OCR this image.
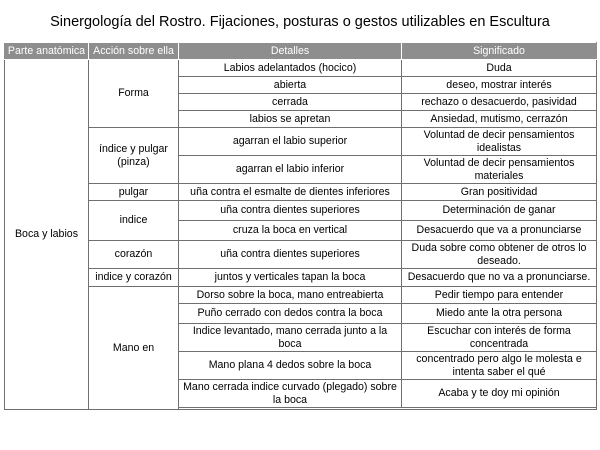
Sinergología del Rostro. Fijaciones, posturas o gestos utilizables en Escultura
Parte anatómica	Acción sobre ella	Detalles	Significado
Boca y labios	Forma	Labios adelantados (hocico)	Duda
		abierta	deseo, mostrar interés
		cerrada	rechazo o desacuerdo, pasividad
		labios se apretan	Ansiedad, mutismo, cerrazón
	índice y pulgar (pinza)	agarran el labio superior	Voluntad de decir pensamientos idealistas
		agarran el labio inferior	Voluntad de decir pensamientos materiales
	pulgar	uña contra el esmalte de dientes inferiores	Gran positividad
	indice	uña contra dientes superiores	Determinación de ganar
		cruza la boca en vertical	Desacuerdo que va a pronunciarse
	corazón	uña contra dientes superiores	Duda sobre como obtener de otros lo deseado.
	indice y corazón	juntos y verticales tapan la boca	Desacuerdo que no va a pronunciarse.
	Mano en	Dorso sobre la boca, mano entreabierta	Pedir tiempo para entender
		Puño cerrado con dedos contra la boca	Miedo ante la otra persona
		Indice levantado, mano cerrada junto a la boca	Escuchar con interés de forma concentrada
		Mano plana 4 dedos sobre la boca	concentrado pero algo le molesta e intenta saber el qué
		Mano cerrada indice curvado (plegado) sobre la boca	Acaba y te doy mi opinión
